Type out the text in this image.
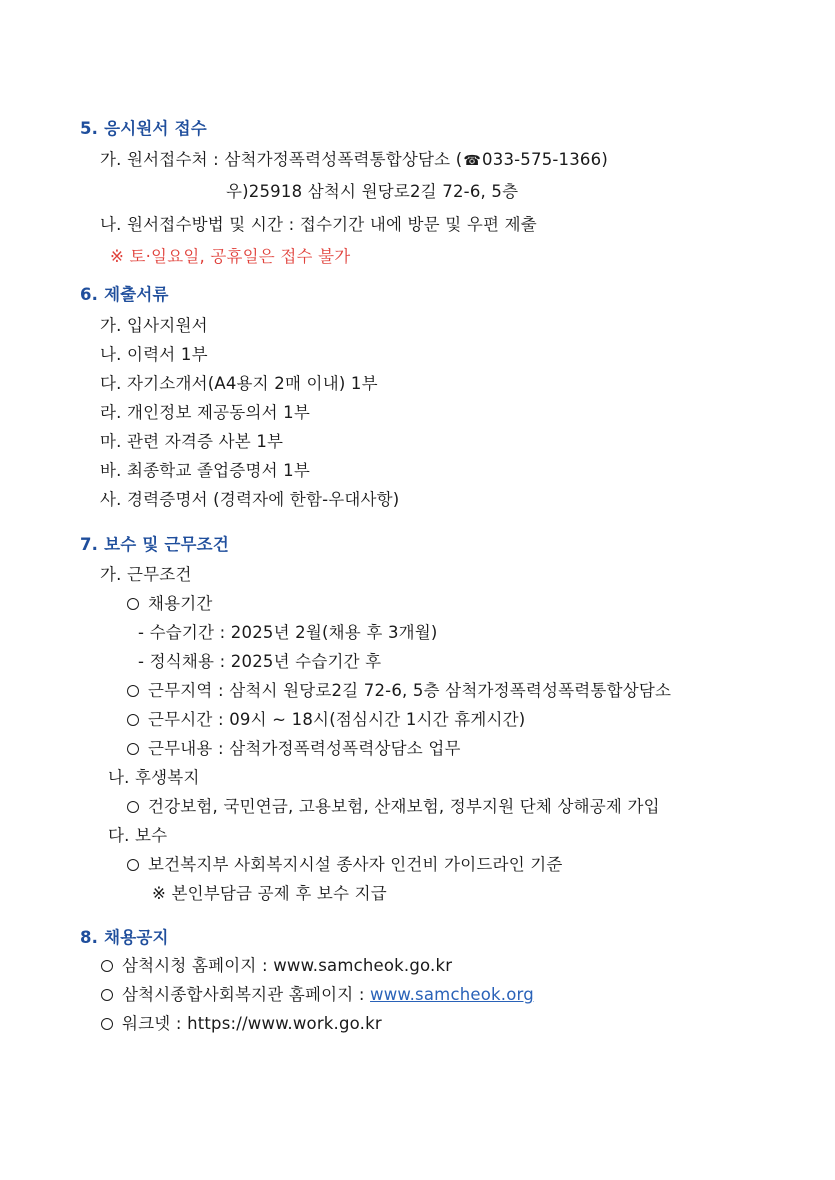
5. 응시원서 접수
가. 원서접수처 : 삼척가정폭력성폭력통합상담소 (☎033-575-1366)
우)25918 삼척시 원당로2길 72-6, 5층
나. 원서접수방법 및 시간 : 접수기간 내에 방문 및 우편 제출
※ 토·일요일, 공휴일은 접수 불가
6. 제출서류
가. 입사지원서
나. 이력서 1부
다. 자기소개서(A4용지 2매 이내) 1부
라. 개인정보 제공동의서 1부
마. 관련 자격증 사본 1부
바. 최종학교 졸업증명서 1부
사. 경력증명서 (경력자에 한함-우대사항)
7. 보수 및 근무조건
가. 근무조건
채용기간
- 수습기간 : 2025년 2월(채용 후 3개월)
- 정식채용 : 2025년 수습기간 후
근무지역 : 삼척시 원당로2길 72-6, 5층 삼척가정폭력성폭력통합상담소
근무시간 : 09시 ~ 18시(점심시간 1시간 휴게시간)
근무내용 : 삼척가정폭력성폭력상담소 업무
나. 후생복지
건강보험, 국민연금, 고용보험, 산재보험, 정부지원 단체 상해공제 가입
다. 보수
보건복지부 사회복지시설 종사자 인건비 가이드라인 기준
※ 본인부담금 공제 후 보수 지급
8. 채용공지
삼척시청 홈페이지 : www.samcheok.go.kr
삼척시종합사회복지관 홈페이지 : www.samcheok.org
워크넷 : https://www.work.go.kr
